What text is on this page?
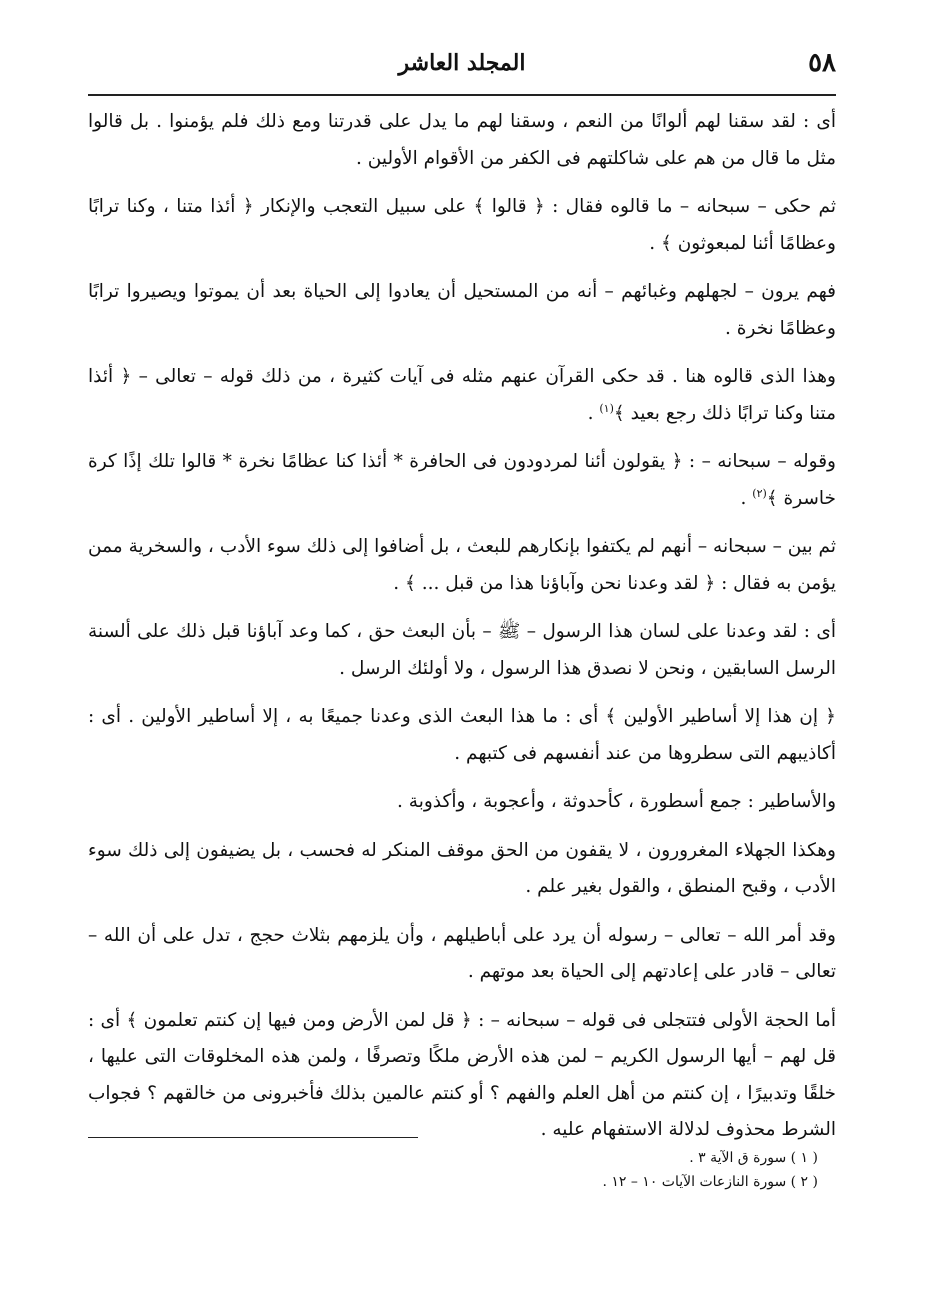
٥٨
المجلد العاشر

أى : لقد سقنا لهم ألوانًا من النعم ، وسقنا لهم ما يدل على قدرتنا ومع ذلك فلم يؤمنوا . بل قالوا مثل ما قال من هم على شاكلتهم فى الكفر من الأقوام الأولين .

ثم حكى – سبحانه – ما قالوه فقال : ﴿ قالوا ﴾ على سبيل التعجب والإنكار ﴿ أئذا متنا ، وكنا ترابًا وعظامًا أئنا لمبعوثون ﴾ .

فهم يرون – لجهلهم وغبائهم – أنه من المستحيل أن يعادوا إلى الحياة بعد أن يموتوا ويصيروا ترابًا وعظامًا نخرة .

وهذا الذى قالوه هنا . قد حكى القرآن عنهم مثله فى آيات كثيرة ، من ذلك قوله – تعالى – ﴿ أئذا متنا وكنا ترابًا ذلك رجع بعيد ﴾$^{(١)}$ .

وقوله – سبحانه – : ﴿ يقولون أئنا لمردودون فى الحافرة * أئذا كنا عظامًا نخرة * قالوا تلك إذًا كرة خاسرة ﴾$^{(٢)}$ .

ثم بين – سبحانه – أنهم لم يكتفوا بإنكارهم للبعث ، بل أضافوا إلى ذلك سوء الأدب ، والسخرية ممن يؤمن به فقال : ﴿ لقد وعدنا نحن وآباؤنا هذا من قبل ... ﴾ .

أى : لقد وعدنا على لسان هذا الرسول – ﷺ – بأن البعث حق ، كما وعد آباؤنا قبل ذلك على ألسنة الرسل السابقين ، ونحن لا نصدق هذا الرسول ، ولا أولئك الرسل .

﴿ إن هذا إلا أساطير الأولين ﴾ أى : ما هذا البعث الذى وعدنا جميعًا به ، إلا أساطير الأولين . أى : أكاذيبهم التى سطروها من عند أنفسهم فى كتبهم .

والأساطير : جمع أسطورة ، كأحدوثة ، وأعجوبة ، وأكذوبة .

وهكذا الجهلاء المغرورون ، لا يقفون من الحق موقف المنكر له فحسب ، بل يضيفون إلى ذلك سوء الأدب ، وقبح المنطق ، والقول بغير علم .

وقد أمر الله – تعالى – رسوله أن يرد على أباطيلهم ، وأن يلزمهم بثلاث حجج ، تدل على أن الله – تعالى – قادر على إعادتهم إلى الحياة بعد موتهم .

أما الحجة الأولى فتتجلى فى قوله – سبحانه – : ﴿ قل لمن الأرض ومن فيها إن كنتم تعلمون ﴾ أى : قل لهم – أيها الرسول الكريم – لمن هذه الأرض ملكًا وتصرفًا ، ولمن هذه المخلوقات التى عليها ، خلقًا وتدبيرًا ، إن كنتم من أهل العلم والفهم ؟ أو كنتم عالمين بذلك فأخبرونى من خالقهم ؟ فجواب الشرط محذوف لدلالة الاستفهام عليه .

( ١ ) سورة ق الآية ٣ .

( ٢ ) سورة النازعات الآيات ١٠ – ١٢ .
